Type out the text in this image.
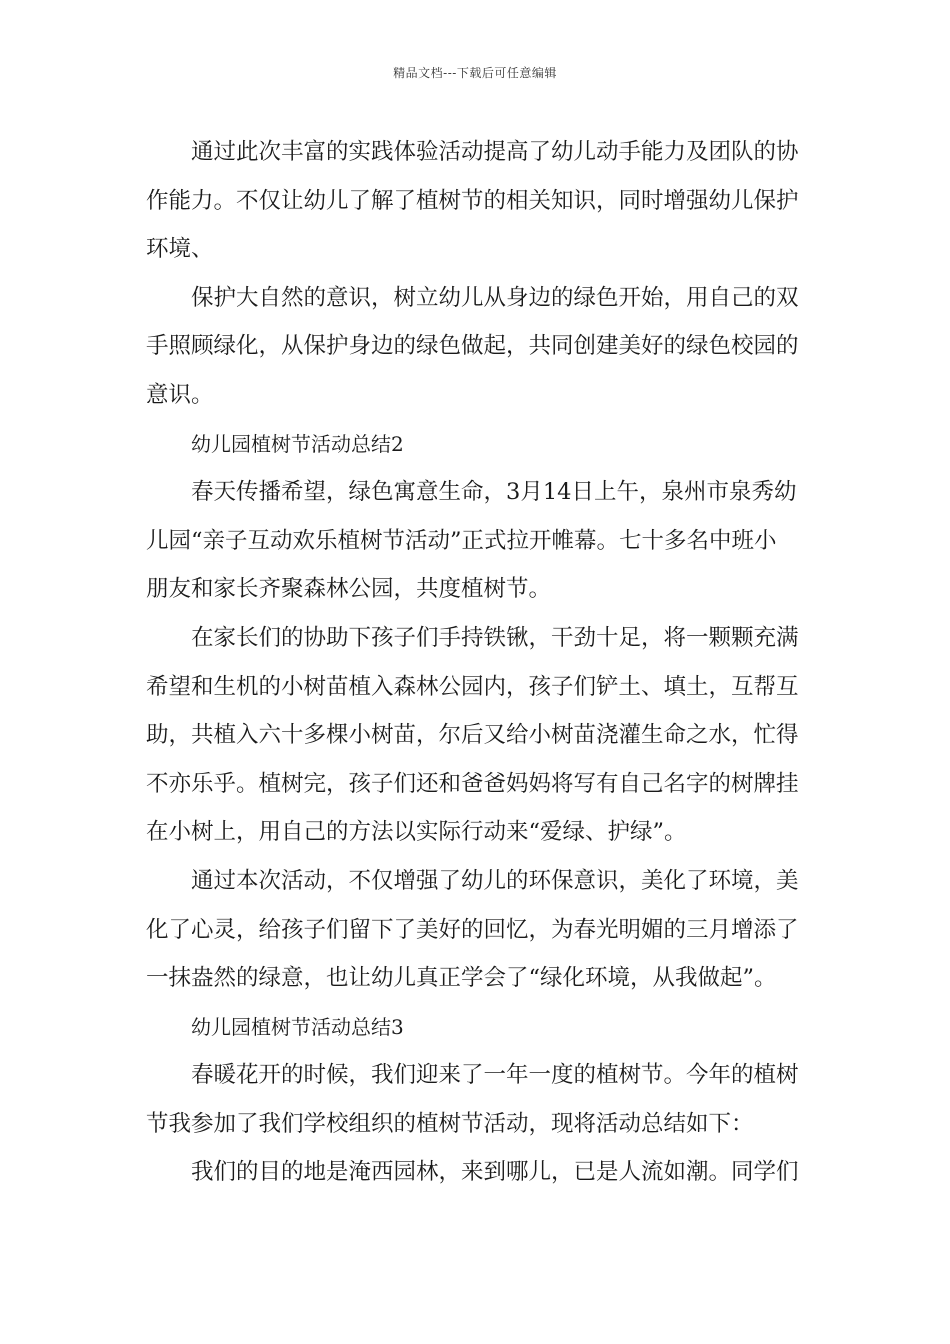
精品文档---下载后可任意编辑

通过此次丰富的实践体验活动提高了幼儿动手能力及团队的协
作能力。不仅让幼儿了解了植树节的相关知识，同时增强幼儿保护
环境、

保护大自然的意识，树立幼儿从身边的绿色开始，用自己的双
手照顾绿化，从保护身边的绿色做起，共同创建美好的绿色校园的
意识。

幼儿园植树节活动总结2

春天传播希望，绿色寓意生命，3月14日上午，泉州市泉秀幼
儿园“亲子互动欢乐植树节活动”正式拉开帷幕。七十多名中班小
朋友和家长齐聚森林公园，共度植树节。

在家长们的协助下孩子们手持铁锹，干劲十足，将一颗颗充满
希望和生机的小树苗植入森林公园内，孩子们铲土、填土，互帮互
助，共植入六十多棵小树苗，尔后又给小树苗浇灌生命之水，忙得
不亦乐乎。植树完，孩子们还和爸爸妈妈将写有自己名字的树牌挂
在小树上，用自己的方法以实际行动来“爱绿、护绿”。

通过本次活动，不仅增强了幼儿的环保意识，美化了环境，美
化了心灵，给孩子们留下了美好的回忆，为春光明媚的三月增添了
一抹盎然的绿意，也让幼儿真正学会了“绿化环境，从我做起”。

幼儿园植树节活动总结3

春暖花开的时候，我们迎来了一年一度的植树节。今年的植树
节我参加了我们学校组织的植树节活动，现将活动总结如下：

我们的目的地是淹西园林，来到哪儿，已是人流如潮。同学们
